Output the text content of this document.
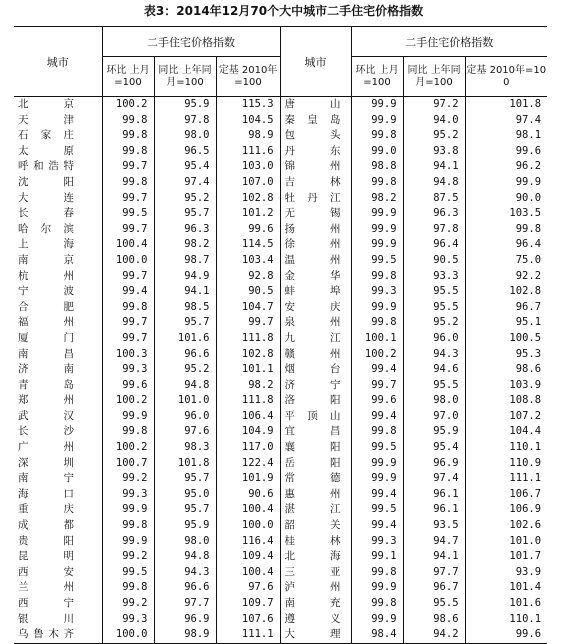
表3：2014年12月70个大中城市二手住宅价格指数
城市	二手住宅价格指数			城市	二手住宅价格指数		
	环比 上月=100	同比 上年同月=100	定基 2010年=100		环比 上月=100	同比 上年同月=100	定基 2010年=100

北 京	100.2	95.9	115.3	唐 山	99.9	97.2	101.8

天 津	99.8	97.8	104.5	秦 皇 岛	99.9	94.0	97.4

石 家 庄	99.8	98.0	98.9	包 头	99.8	95.2	98.1

太 原	99.8	96.5	111.6	丹 东	99.0	93.8	99.6

呼和浩特	99.7	95.4	103.0	锦 州	98.8	94.1	96.2

沈 阳	99.8	97.4	107.0	吉 林	99.8	94.8	99.9

大 连	99.7	95.2	102.8	牡 丹 江	98.2	87.5	90.0

长 春	99.5	95.7	101.2	无 锡	99.9	96.3	103.5

哈 尔 滨	99.7	96.3	99.6	扬 州	99.9	97.8	99.8

上 海	100.4	98.2	114.5	徐 州	99.9	96.4	96.4

南 京	100.0	98.7	103.4	温 州	99.5	90.5	75.0

杭 州	99.7	94.9	92.8	金 华	99.8	93.3	92.2

宁 波	99.4	94.1	90.5	蚌 埠	99.3	95.5	102.8

合 肥	99.8	98.5	104.7	安 庆	99.9	95.5	96.7

福 州	99.7	95.7	99.7	泉 州	99.8	95.2	95.1

厦 门	99.7	101.6	111.8	九 江	100.1	96.0	100.5

南 昌	100.3	96.6	102.8	赣 州	100.2	94.3	95.3

济 南	99.3	95.2	101.1	烟 台	99.4	94.6	98.6

青 岛	99.6	94.8	98.2	济 宁	99.7	95.5	103.9

郑 州	100.2	101.0	111.8	洛 阳	99.6	98.0	108.8

武 汉	99.9	96.0	106.4	平 顶 山	99.4	97.0	107.2

长 沙	99.8	97.6	104.9	宜 昌	99.8	95.9	104.4

广 州	100.2	98.3	117.0	襄 阳	99.5	95.4	110.1

深 圳	100.7	101.8	122.4	岳 阳	99.9	96.9	110.9

南 宁	99.2	95.7	101.9	常 德	99.9	97.4	111.1

海 口	99.3	95.0	90.6	惠 州	99.4	96.1	106.7

重 庆	99.9	95.7	100.4	湛 江	99.5	96.1	106.9

成 都	99.8	95.9	100.0	韶 关	99.4	93.5	102.6

贵 阳	99.9	98.0	116.4	桂 林	99.3	94.7	101.0

昆 明	99.2	94.8	109.4	北 海	99.1	94.1	101.7

西 安	99.5	94.3	100.4	三 亚	99.8	97.7	93.9

兰 州	99.8	96.6	97.6	泸 州	99.9	96.7	101.4

西 宁	99.2	97.7	109.7	南 充	99.8	95.5	101.6

银 川	99.3	96.9	107.6	遵 义	99.9	98.6	110.1

乌鲁木齐	100.0	98.9	111.1	大 理	98.4	94.2	99.6
